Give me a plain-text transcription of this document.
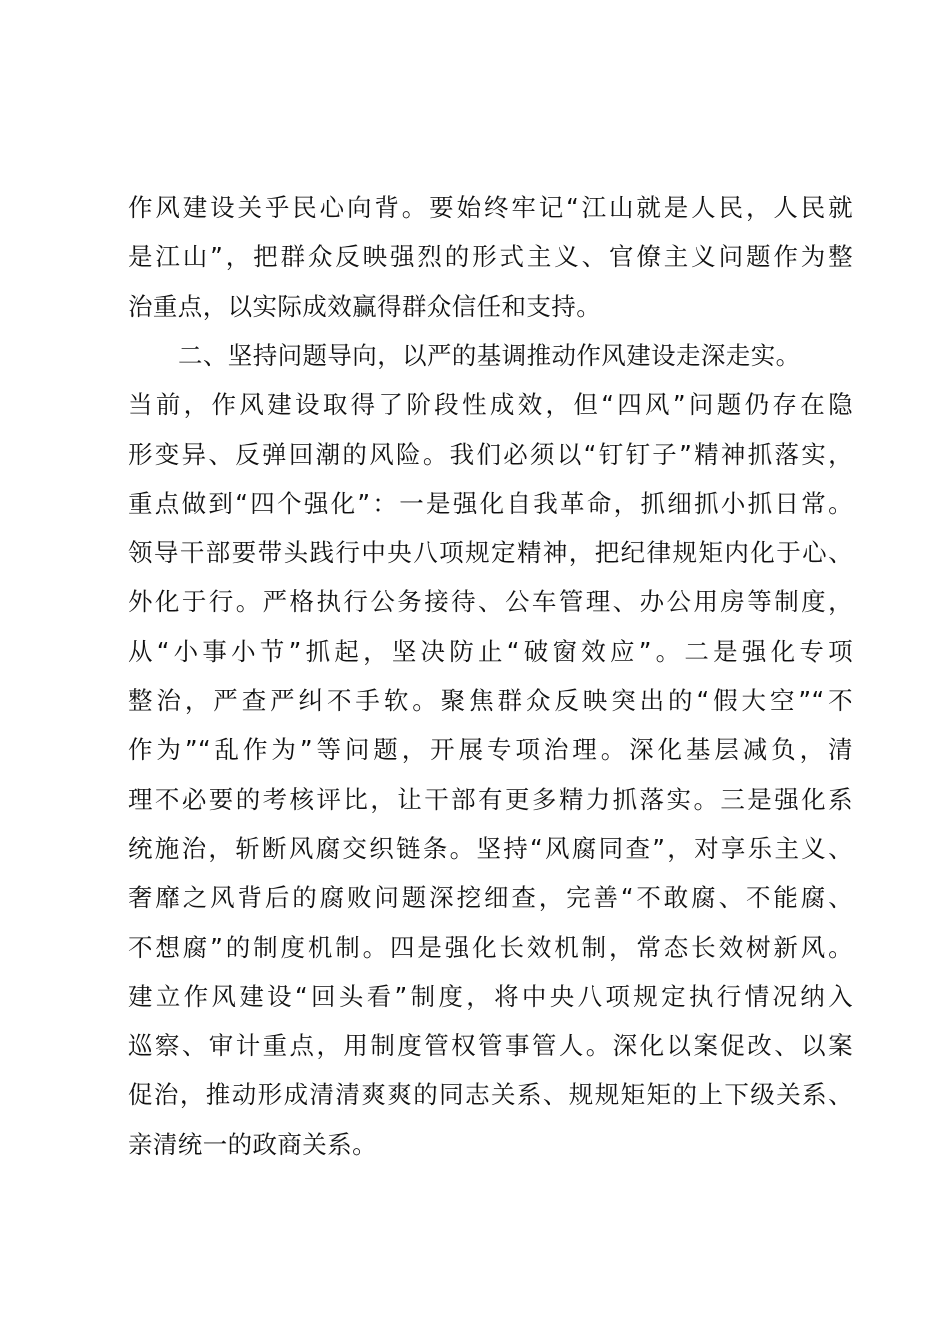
作风建设关乎民心向背。要始终牢记“江山就是人民，人民就
是江山”，把群众反映强烈的形式主义、官僚主义问题作为整
治重点，以实际成效赢得群众信任和支持。
二、坚持问题导向，以严的基调推动作风建设走深走实。
当前，作风建设取得了阶段性成效，但“四风”问题仍存在隐
形变异、反弹回潮的风险。我们必须以“钉钉子”精神抓落实，
重点做到“四个强化”：一是强化自我革命，抓细抓小抓日常。
领导干部要带头践行中央八项规定精神，把纪律规矩内化于心、
外化于行。严格执行公务接待、公车管理、办公用房等制度，
从“小事小节”抓起，坚决防止“破窗效应”。二是强化专项
整治，严查严纠不手软。聚焦群众反映突出的“假大空”“不
作为”“乱作为”等问题，开展专项治理。深化基层减负，清
理不必要的考核评比，让干部有更多精力抓落实。三是强化系
统施治，斩断风腐交织链条。坚持“风腐同查”，对享乐主义、
奢靡之风背后的腐败问题深挖细查，完善“不敢腐、不能腐、
不想腐”的制度机制。四是强化长效机制，常态长效树新风。
建立作风建设“回头看”制度，将中央八项规定执行情况纳入
巡察、审计重点，用制度管权管事管人。深化以案促改、以案
促治，推动形成清清爽爽的同志关系、规规矩矩的上下级关系、
亲清统一的政商关系。
